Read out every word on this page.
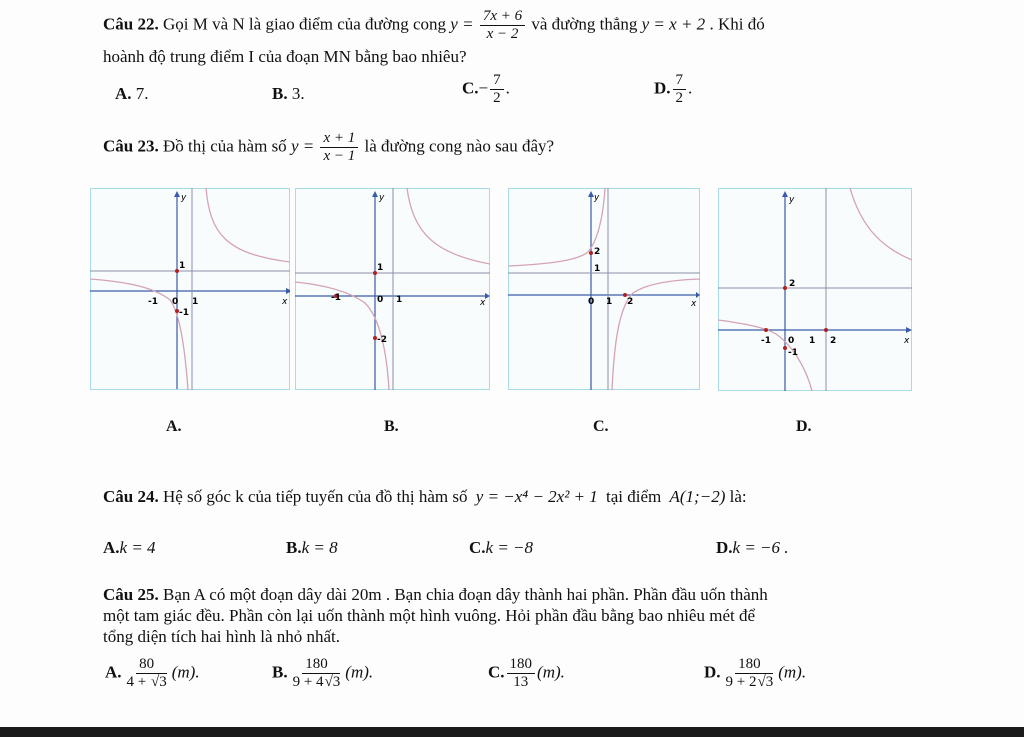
Câu 22. Gọi M và N là giao điểm của đường cong $y = \frac{7x + 6}{x - 2}$ và đường thẳng y = x + 2 . Khi đó
hoành độ trung điểm I của đoạn MN bằng bao nhiêu?
A. 7.	B. 3.	$C.- \frac{7}{2}$ .	D. $\frac{7}{2}$ .
Câu 23. Đồ thị của hàm số $y = \frac{x + 1}{x - 1}$ là đường cong nào sau đây?
-1 0 1	x
y
1
-1
-1	0 1	x
y
1
-2
0 1 2	x
y
2
1
-1 0 1 2	x
y
2
-1
A.	B.	C.	D.
Câu 24. Hệ số góc k của tiếp tuyến của đồ thị hàm số y = −x⁴ − 2x² + 1 tại điểm A(1;−2) là:
A.k = 4	B.k = 8	C.k = −8	D.k = −6 .
Câu 25. Bạn A có một đoạn dây dài 20m . Bạn chia đoạn dây thành hai phần. Phần đầu uốn thành
một tam giác đều. Phần còn lại uốn thành một hình vuông. Hỏi phần đầu bằng bao nhiêu mét để
tổng diện tích hai hình là nhỏ nhất.
A. $\frac{80}{4 + √3} (m)$.	B. $\frac{180}{9 + 4√3} (m)$.	C. $\frac{180}{13} (m)$.	D. $\frac{180}{9 + 2√3} (m)$.
